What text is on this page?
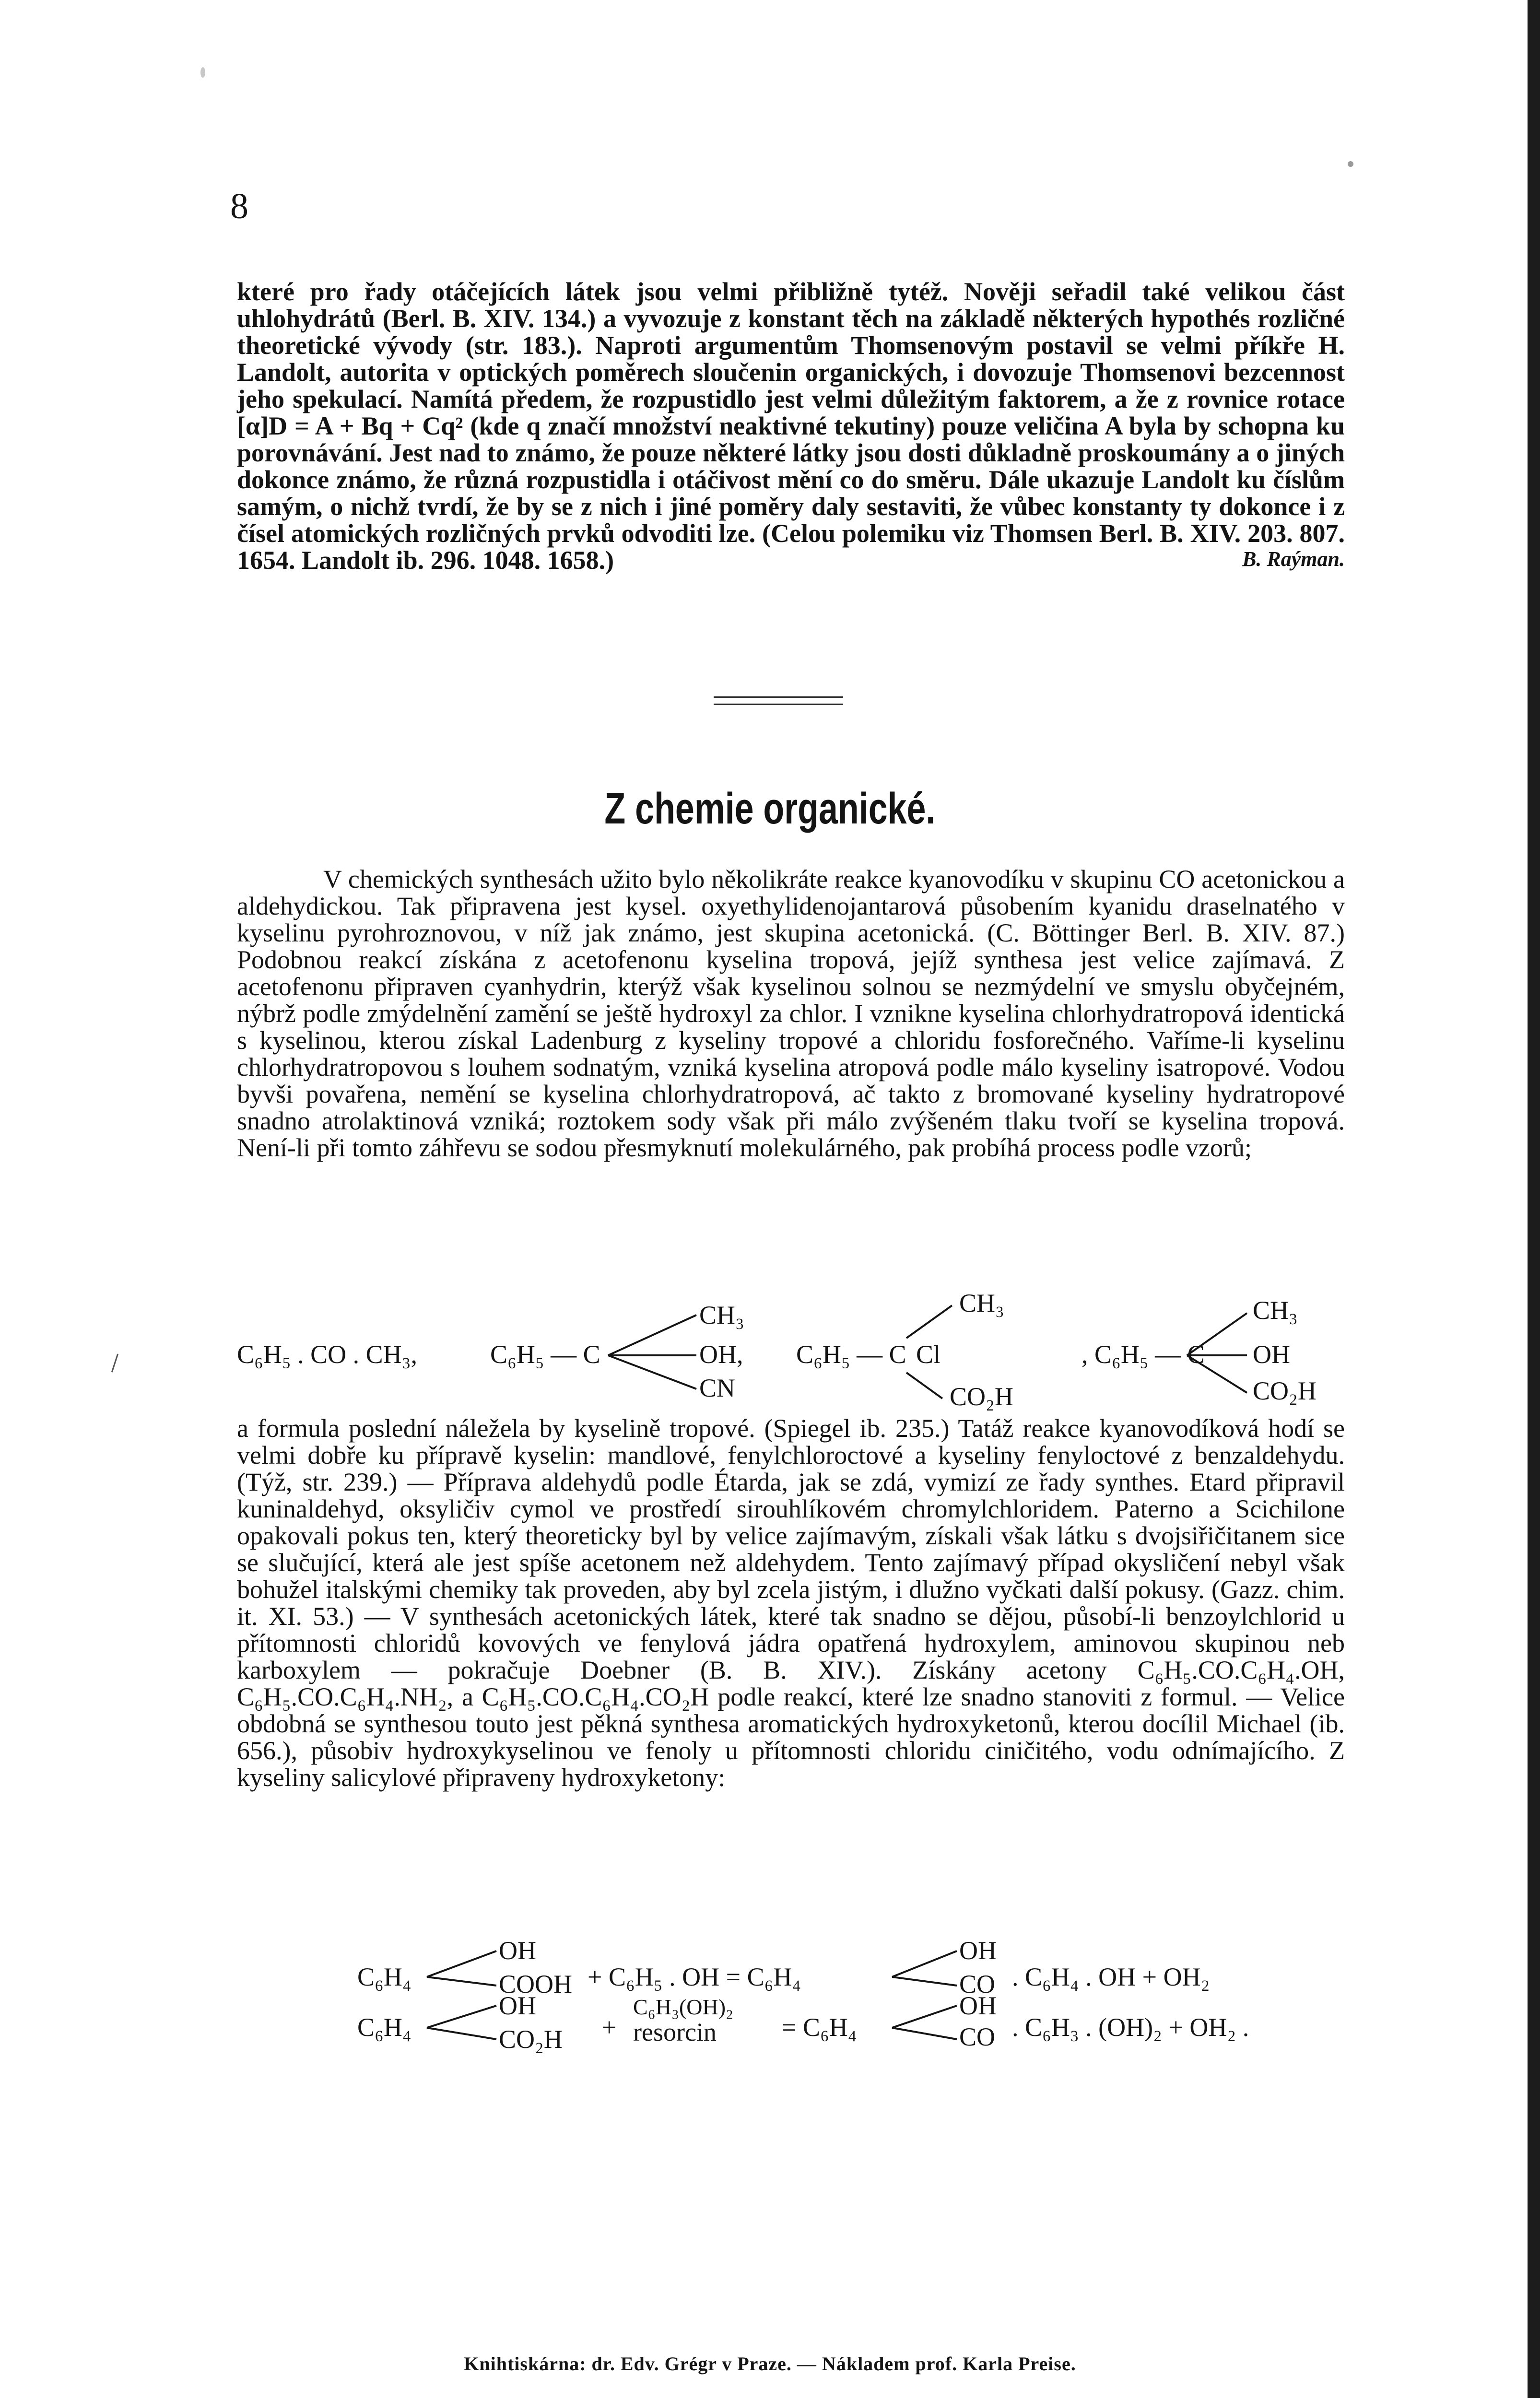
8

které pro řady otáčejících látek jsou velmi přibližně tytéž. Nověji seřadil také velikou část uhlohydrátů (Berl. B. XIV. 134.) a vyvozuje z konstant těch na základě některých hypothés rozličné theoretické vývody (str. 183.). Naproti argumentům Thomsenovým postavil se velmi příkře H. Landolt, autorita v optických poměrech sloučenin organických, i dovozuje Thomsenovi bezcennost jeho spekulací. Namítá předem, že rozpustidlo jest velmi důležitým faktorem, a že z rovnice rotace [α]D = A + Bq + Cq² (kde q značí množství neaktivné tekutiny) pouze veličina A byla by schopna ku porovnávání. Jest nad to známo, že pouze některé látky jsou dosti důkladně proskoumány a o jiných dokonce známo, že různá rozpustidla i otáčivost mění co do směru. Dále ukazuje Landolt ku číslům samým, o nichž tvrdí, že by se z nich i jiné poměry daly sestaviti, že vůbec konstanty ty dokonce i z čísel atomických rozličných prvků odvoditi lze. (Celou polemiku viz Thomsen Berl. B. XIV. 203. 807. 1654. Landolt ib. 296. 1048. 1658.)	B. Raýman.
Z chemie organické.

V chemických synthesách užito bylo několikráte reakce kyanovodíku v skupinu CO acetonickou a aldehydickou. Tak připravena jest kysel. oxyethylidenojantarová působením kyanidu draselnatého v kyselinu pyrohroznovou, v níž jak známo, jest skupina acetonická. (C. Böttinger Berl. B. XIV. 87.) Podobnou reakcí získána z acetofenonu kyselina tropová, jejíž synthesa jest velice zajímavá. Z acetofenonu připraven cyanhydrin, kterýž však kyselinou solnou se nezmýdelní ve smyslu obyčejném, nýbrž podle zmýdelnění zamění se ještě hydroxyl za chlor. I vznikne kyselina chlorhydratropová identická s kyselinou, kterou získal Ladenburg z kyseliny tropové a chloridu fosforečného. Vaříme-li kyselinu chlorhydratropovou s louhem sodnatým, vzniká kyselina atropová podle málo kyseliny isatropové. Vodou byvši povařena, nemění se kyselina chlorhydratropová, ač takto z bromované kyseliny hydratropové snadno atrolaktinová vzniká; roztokem sody však při málo zvýšeném tlaku tvoří se kyselina tropová. Není-li při tomto záhřevu se sodou přesmyknutí molekulárného, pak probíhá process podle vzorů;

C₆H₅ . CO . CH₃,	C₆H₅ — C
CH₃
OH,
CN
C₆H₅ — C
CH₃
Cl
CO₂H
, C₆H₅ — C
CH₃
OH
CO₂H

a formula poslední náležela by kyselině tropové. (Spiegel ib. 235.) Tatáž reakce kyanovodíková hodí se velmi dobře ku přípravě kyselin: mandlové, fenylchloroctové a kyseliny fenyloctové z benzaldehydu. (Týž, str. 239.) — Příprava aldehydů podle Étarda, jak se zdá, vymizí ze řady synthes. Etard připravil kuninaldehyd, oksyličiv cymol ve prostředí sirouhlíkovém chromylchloridem. Paterno a Scichilone opakovali pokus ten, který theoreticky byl by velice zajímavým, získali však látku s dvojsiřičitanem sice se slučující, která ale jest spíše acetonem než aldehydem. Tento zajímavý případ okysličení nebyl však bohužel italskými chemiky tak proveden, aby byl zcela jistým, i dlužno vyčkati další pokusy. (Gazz. chim. it. XI. 53.) — V synthesách acetonických látek, které tak snadno se dějou, působí-li benzoylchlorid u přítomnosti chloridů kovových ve fenylová jádra opatřená hydroxylem, aminovou skupinou neb karboxylem — pokračuje Doebner (B. B. XIV.). Získány acetony C₆H₅.CO.C₆H₄.OH, C₆H₅.CO.C₆H₄.NH₂, a C₆H₅.CO.C₆H₄.CO₂H podle reakcí, které lze snadno stanoviti z formul. — Velice obdobná se synthesou touto jest pěkná synthesa aromatických hydroxyketonů, kterou docílil Michael (ib. 656.), působiv hydroxykyselinou ve fenoly u přítomnosti chloridu ciničitého, vodu odnímajícího. Z kyseliny salicylové připraveny hydroxyketony:

C₆H₄
OH
COOH + C₆H₅ . OH = C₆H₄
OH
CO . C₆H₄ . OH + OH₂
C₆H₄
OH
CO₂H +
C₆H₃(OH)₂
resorcin	= C₆H₄
OH
CO . C₆H₃ . (OH)₂ + OH₂ .
Knihtiskárna: dr. Edv. Grégr v Praze. — Nákladem prof. Karla Preise.
